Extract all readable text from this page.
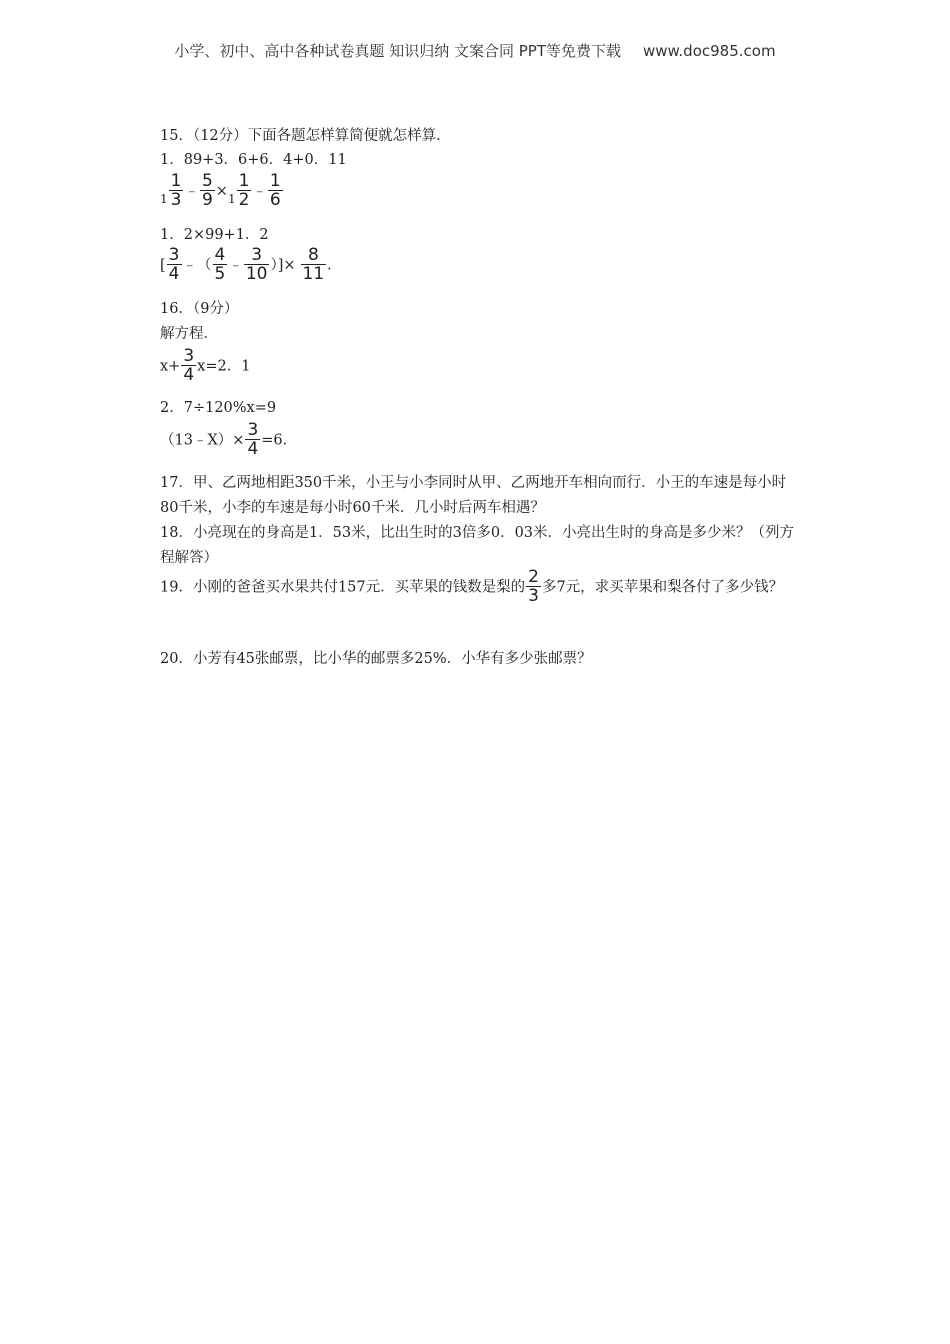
小学、初中、高中各种试卷真题 知识归纳 文案合同 PPT等免费下载 www.doc985.com
15．（12分）下面各题怎样算简便就怎样算．
1．89+3．6+6．4+0．11
$_1 \frac{1}{3}$ ﹣ $\frac{5}{9} \times_1 \frac{1}{2}$ ﹣ $\frac{1}{6}$
1．2×99+1．2
[ $\frac{3}{4}$ ﹣（ $\frac{4}{5}$ ﹣ $\frac{3}{10}$ ）]× $\frac{8}{11}$ ．
16．（9分）
解方程．
$x+ \frac{3}{4} x=2$．1
2．7÷120%x=9
（13﹣X）× $\frac{3}{4} =6$．
17．甲、乙两地相距350千米，小王与小李同时从甲、乙两地开车相向而行．小王的车速是每小时80千米，小李的车速是每小时60千米．几小时后两车相遇？
18．小亮现在的身高是1．53米，比出生时的3倍多0．03米．小亮出生时的身高是多少米？（列方程解答）
19．小刚的爸爸买水果共付157元．买苹果的钱数是梨的 $\frac{2}{3}$ 多7元，求买苹果和梨各付了多少钱？
20．小芳有45张邮票，比小华的邮票多25%．小华有多少张邮票？
